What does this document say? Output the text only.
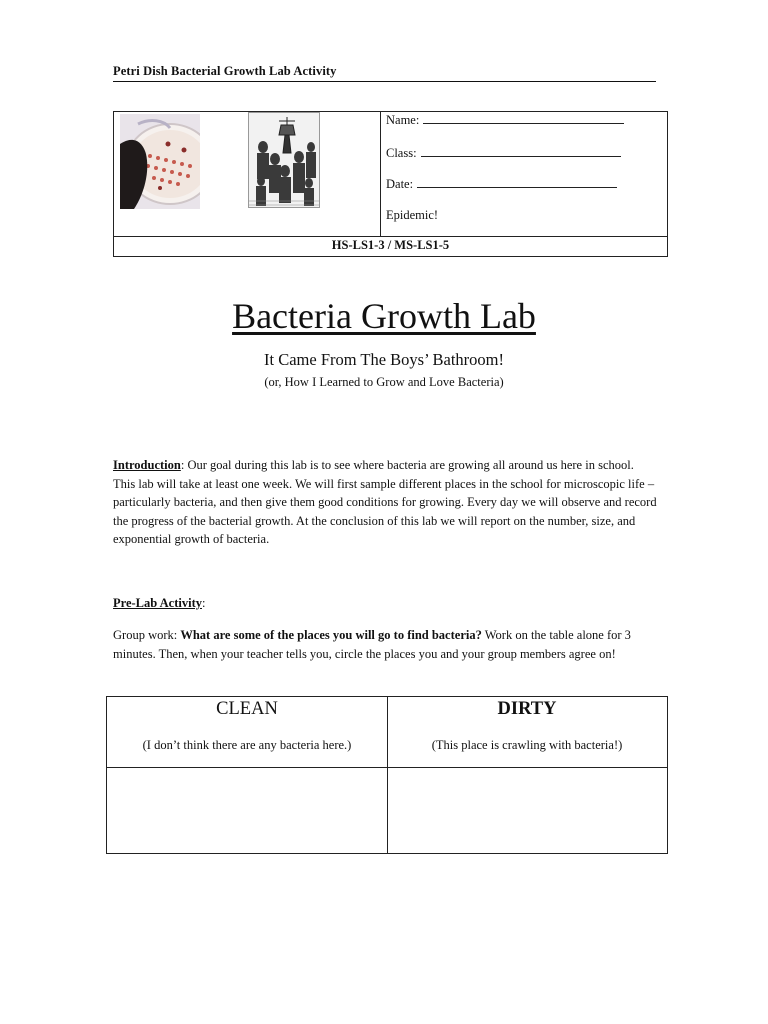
Petri Dish Bacterial Growth Lab Activity
Name:
Class:
Date:
Epidemic!
HS-LS1-3 / MS-LS1-5
Bacteria Growth Lab
It Came From The Boys’ Bathroom!
(or, How I Learned to Grow and Love Bacteria)
Introduction: Our goal during this lab is to see where bacteria are growing all around us here in school. This lab will take at least one week. We will first sample different places in the school for microscopic life – particularly bacteria, and then give them good conditions for growing. Every day we will observe and record the progress of the bacterial growth. At the conclusion of this lab we will report on the number, size, and exponential growth of bacteria.
Pre-Lab Activity:
Group work: What are some of the places you will go to find bacteria? Work on the table alone for 3 minutes. Then, when your teacher tells you, circle the places you and your group members agree on!
CLEAN
(I don’t think there are any bacteria here.)
DIRTY
(This place is crawling with bacteria!)
